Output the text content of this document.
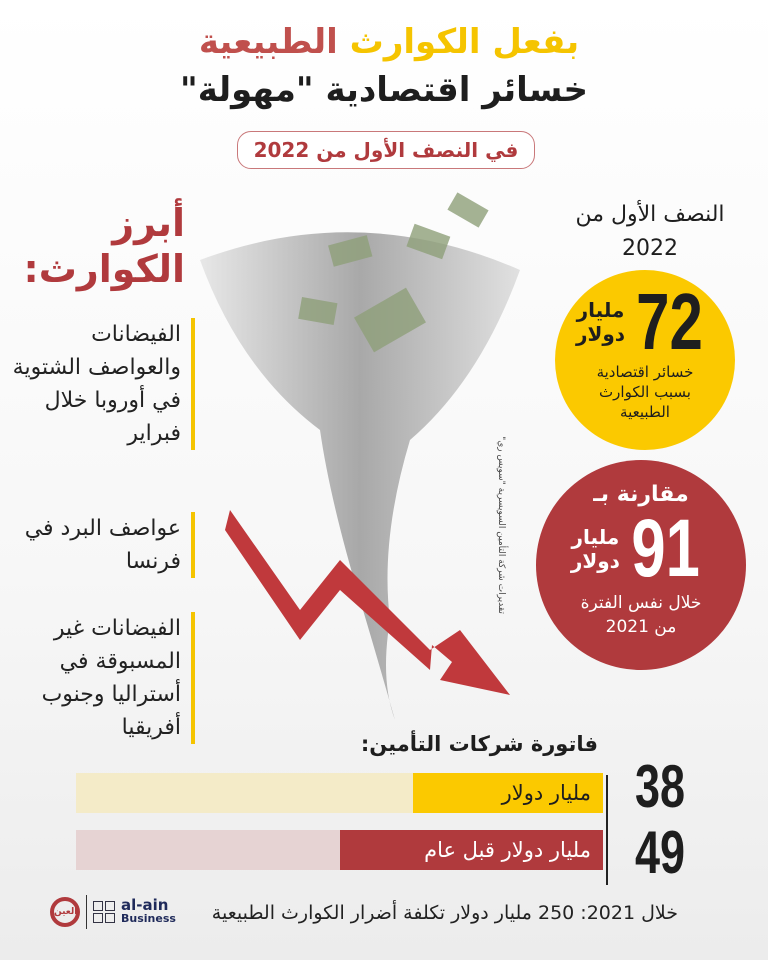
بفعل الكوارث الطبيعية
خسائر اقتصادية "مهولة"
في النصف الأول من 2022
أبرز
الكوارث:
الفيضانات والعواصف الشتوية في أوروبا خلال فبراير
عواصف البرد في فرنسا
الفيضانات غير المسبوقة في أستراليا وجنوب أفريقيا
النصف الأول من
2022
مليار
دولار 72
خسائر اقتصادية
بسبب الكوارث
الطبيعية
تقديرات شركة التأمين السويسرية "سويس ري"	مقارنة بـ
مليار
دولار 91
خلال نفس الفترة
من 2021
فاتورة شركات التأمين:
مليار دولار
مليار دولار قبل عام
38
49
خلال 2021: 250 مليار دولار تكلفة أضرار الكوارث الطبيعية
العين	al-ain
Business
